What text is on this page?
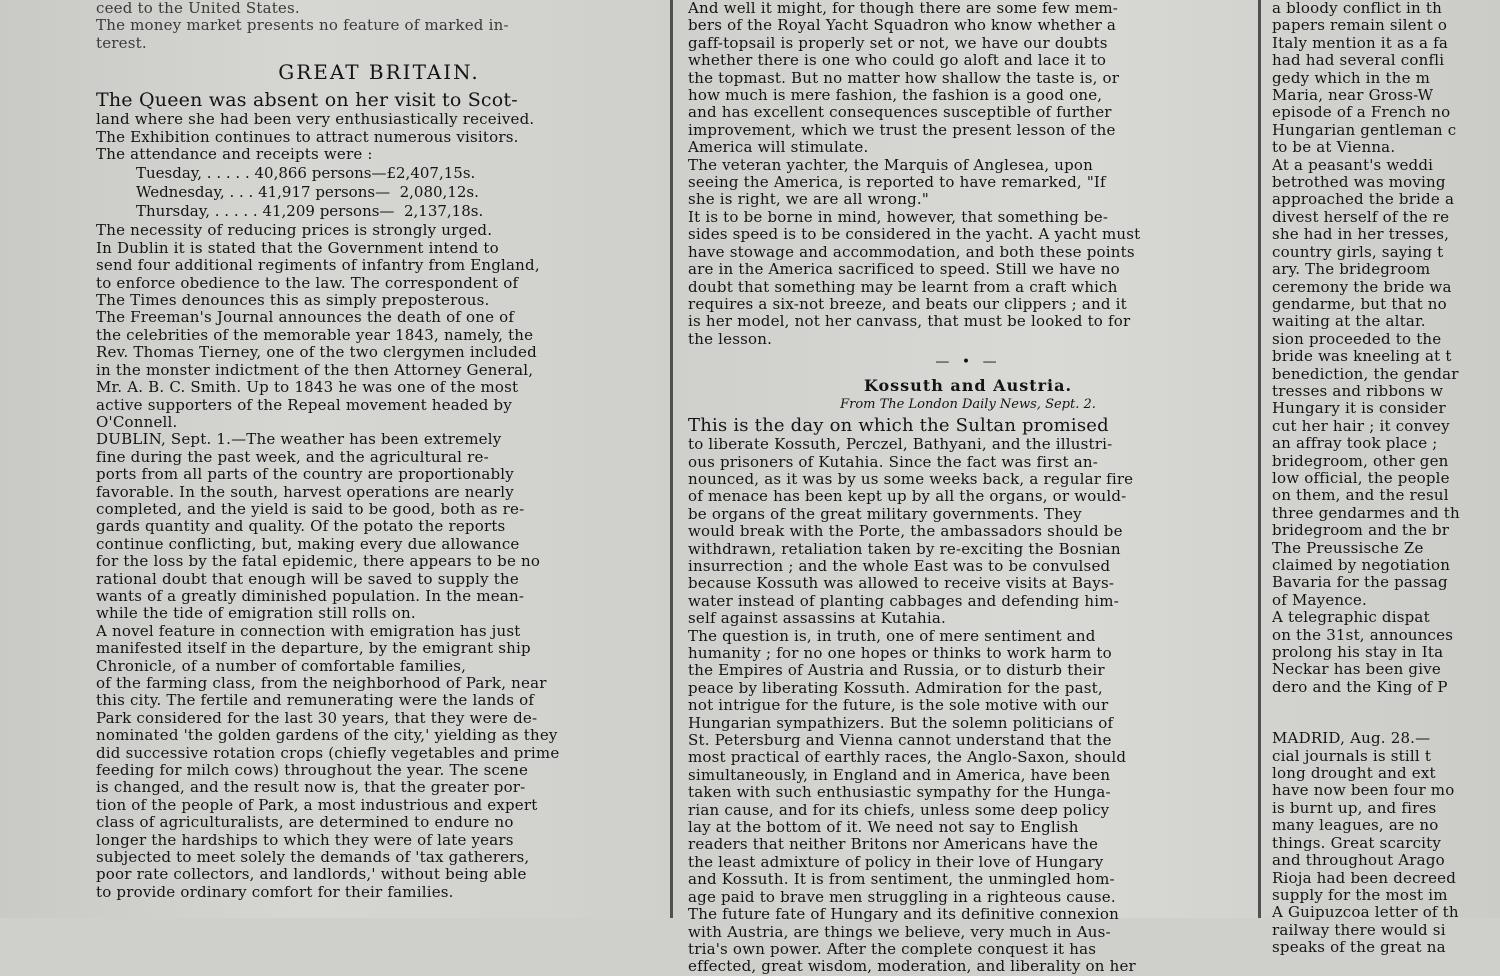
ceed to the United States.
The money market presents no feature of marked in-
terest.
GREAT BRITAIN.
The Queen was absent on her visit to Scot-
land where she had been very enthusiastically received.
The Exhibition continues to attract numerous visitors.
The attendance and receipts were :
Tuesday, . . . . . 40,866 persons—£2,407,15s.
Wednesday, . . . 41,917 persons—  2,080,12s.
Thursday, . . . . . 41,209 persons—  2,137,18s.
The necessity of reducing prices is strongly urged.
In Dublin it is stated that the Government intend to
send four additional regiments of infantry from England,
to enforce obedience to the law. The correspondent of
The Times denounces this as simply preposterous.
The Freeman's Journal announces the death of one of
the celebrities of the memorable year 1843, namely, the
Rev. Thomas Tierney, one of the two clergymen included
in the monster indictment of the then Attorney General,
Mr. A. B. C. Smith. Up to 1843 he was one of the most
active supporters of the Repeal movement headed by
O'Connell.
DUBLIN, Sept. 1.—The weather has been extremely
fine during the past week, and the agricultural re-
ports from all parts of the country are proportionably
favorable. In the south, harvest operations are nearly
completed, and the yield is said to be good, both as re-
gards quantity and quality. Of the potato the reports
continue conflicting, but, making every due allowance
for the loss by the fatal epidemic, there appears to be no
rational doubt that enough will be saved to supply the
wants of a greatly diminished population. In the mean-
while the tide of emigration still rolls on.
A novel feature in connection with emigration has just
manifested itself in the departure, by the emigrant ship
Chronicle, of a number of comfortable families,
of the farming class, from the neighborhood of Park, near
this city. The fertile and remunerating were the lands of
Park considered for the last 30 years, that they were de-
nominated 'the golden gardens of the city,' yielding as they
did successive rotation crops (chiefly vegetables and prime
feeding for milch cows) throughout the year. The scene
is changed, and the result now is, that the greater por-
tion of the people of Park, a most industrious and expert
class of agriculturalists, are determined to endure no
longer the hardships to which they were of late years
subjected to meet solely the demands of 'tax gatherers,
poor rate collectors, and landlords,' without being able
to provide ordinary comfort for their families.
And well it might, for though there are some few mem-
bers of the Royal Yacht Squadron who know whether a
gaff-topsail is properly set or not, we have our doubts
whether there is one who could go aloft and lace it to
the topmast. But no matter how shallow the taste is, or
how much is mere fashion, the fashion is a good one,
and has excellent consequences susceptible of further
improvement, which we trust the present lesson of the
America will stimulate.
The veteran yachter, the Marquis of Anglesea, upon
seeing the America, is reported to have remarked, "If
she is right, we are all wrong."
It is to be borne in mind, however, that something be-
sides speed is to be considered in the yacht. A yacht must
have stowage and accommodation, and both these points
are in the America sacrificed to speed. Still we have no
doubt that something may be learnt from a craft which
requires a six-not breeze, and beats our clippers ; and it
is her model, not her canvass, that must be looked to for
the lesson.
— • —
Kossuth and Austria.
From The London Daily News, Sept. 2.
This is the day on which the Sultan promised
to liberate Kossuth, Perczel, Bathyani, and the illustri-
ous prisoners of Kutahia. Since the fact was first an-
nounced, as it was by us some weeks back, a regular fire
of menace has been kept up by all the organs, or would-
be organs of the great military governments. They
would break with the Porte, the ambassadors should be
withdrawn, retaliation taken by re-exciting the Bosnian
insurrection ; and the whole East was to be convulsed
because Kossuth was allowed to receive visits at Bays-
water instead of planting cabbages and defending him-
self against assassins at Kutahia.
The question is, in truth, one of mere sentiment and
humanity ; for no one hopes or thinks to work harm to
the Empires of Austria and Russia, or to disturb their
peace by liberating Kossuth. Admiration for the past,
not intrigue for the future, is the sole motive with our
Hungarian sympathizers. But the solemn politicians of
St. Petersburg and Vienna cannot understand that the
most practical of earthly races, the Anglo-Saxon, should
simultaneously, in England and in America, have been
taken with such enthusiastic sympathy for the Hunga-
rian cause, and for its chiefs, unless some deep policy
lay at the bottom of it. We need not say to English
readers that neither Britons nor Americans have the
the least admixture of policy in their love of Hungary
and Kossuth. It is from sentiment, the unmingled hom-
age paid to brave men struggling in a righteous cause.
The future fate of Hungary and its definitive connexion
with Austria, are things we believe, very much in Aus-
tria's own power. After the complete conquest it has
effected, great wisdom, moderation, and liberality on her
a bloody conflict in th
papers remain silent o
Italy mention it as a fa
had had several confli
gedy which in the m
Maria, near Gross-W
episode of a French no
Hungarian gentleman c
to be at Vienna.
At a peasant's weddi
betrothed was moving
approached the bride a
divest herself of the re
she had in her tresses,
country girls, saying t
ary. The bridegroom
ceremony the bride wa
gendarme, but that no
waiting at the altar.
sion proceeded to the
bride was kneeling at t
benediction, the gendar
tresses and ribbons w
Hungary it is consider
cut her hair ; it convey
an affray took place ;
bridegroom, other gen
low official, the people
on them, and the resul
three gendarmes and th
bridegroom and the br
The Preussische Ze
claimed by negotiation
Bavaria for the passag
of Mayence.
A telegraphic dispat
on the 31st, announces
prolong his stay in Ita
Neckar has been give
dero and the King of P
MADRID, Aug. 28.—
cial journals is still t
long drought and ext
have now been four mo
is burnt up, and fires
many leagues, are no
things. Great scarcity
and throughout Arago
Rioja had been decreed
supply for the most im
A Guipuzcoa letter of th
railway there would si
speaks of the great na
